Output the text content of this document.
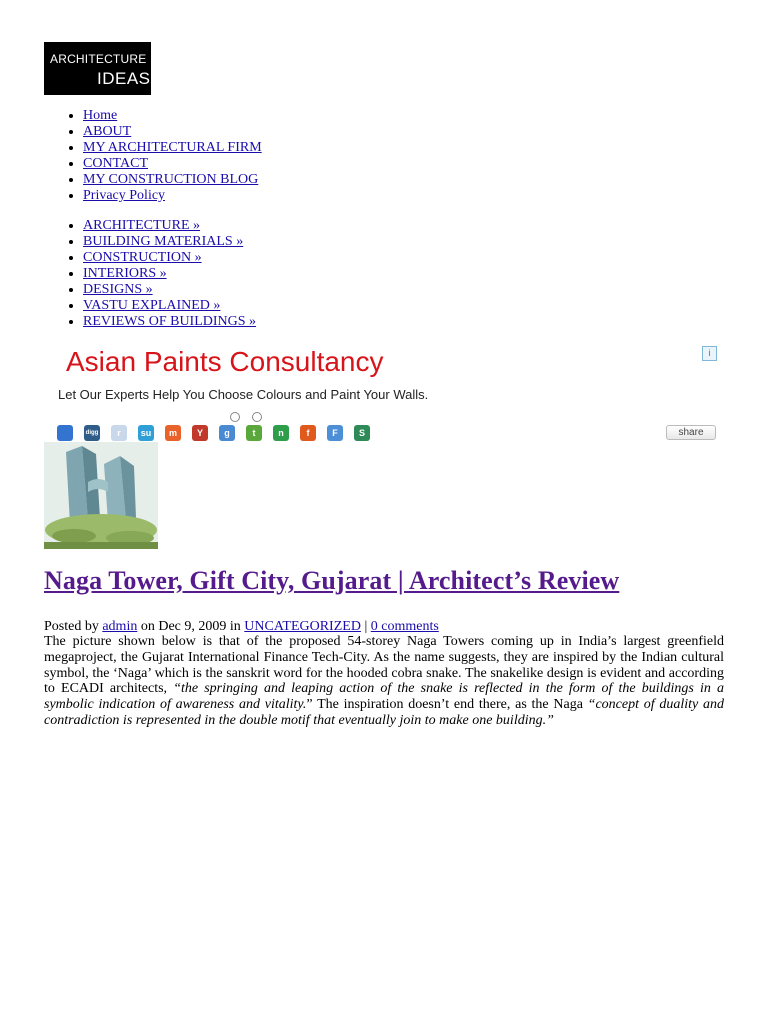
ARCHITECTURE
IDEAS
• Home
• ABOUT
• MY ARCHITECTURAL FIRM
• CONTACT
• MY CONSTRUCTION BLOG
• Privacy Policy
• ARCHITECTURE »
• BUILDING MATERIALS »
• CONSTRUCTION »
• INTERIORS »
• DESIGNS »
• VASTU EXPLAINED »
• REVIEWS OF BUILDINGS »
Asian Paints Consultancy
Let Our Experts Help You Choose Colours and Paint Your Walls.
i
digg	r	su	m	Y	g	t	n	f	F	S	share
Naga Tower, Gift City, Gujarat | Architect’s Review
Posted by admin on Dec 9, 2009 in UNCATEGORIZED | 0 comments

The picture shown below is that of the proposed 54-storey Naga Towers coming up in India’s largest greenfield megaproject, the Gujarat International Finance Tech-City. As the name suggests, they are inspired by the Indian cultural symbol, the ‘Naga’ which is the sanskrit word for the hooded cobra snake. The snakelike design is evident and according to ECADI architects, “the springing and leaping action of the snake is reflected in the form of the buildings in a symbolic indication of awareness and vitality.” The inspiration doesn’t end there, as the Naga “concept of duality and contradiction is represented in the double motif that eventually join to make one building.”
